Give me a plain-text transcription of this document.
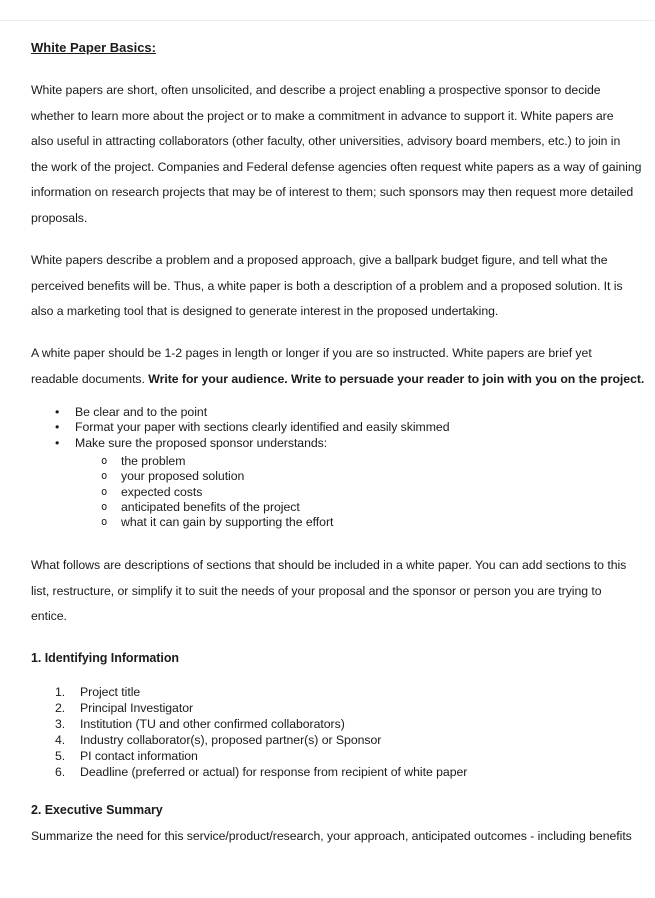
White Paper Basics:
White papers are short, often unsolicited, and describe a project enabling a prospective sponsor to decide
whether to learn more about the project or to make a commitment in advance to support it. White papers are
also useful in attracting collaborators (other faculty, other universities, advisory board members, etc.) to join in
the work of the project. Companies and Federal defense agencies often request white papers as a way of gaining
information on research projects that may be of interest to them; such sponsors may then request more detailed
proposals.
White papers describe a problem and a proposed approach, give a ballpark budget figure, and tell what the
perceived benefits will be. Thus, a white paper is both a description of a problem and a proposed solution. It is
also a marketing tool that is designed to generate interest in the proposed undertaking.
A white paper should be 1-2 pages in length or longer if you are so instructed. White papers are brief yet
readable documents. Write for your audience. Write to persuade your reader to join with you on the project.
• Be clear and to the point
• Format your paper with sections clearly identified and easily skimmed
• Make sure the proposed sponsor understands:
o the problem
o your proposed solution
o expected costs
o anticipated benefits of the project
o what it can gain by supporting the effort
What follows are descriptions of sections that should be included in a white paper. You can add sections to this
list, restructure, or simplify it to suit the needs of your proposal and the sponsor or person you are trying to
entice.
1. Identifying Information
1. Project title
2. Principal Investigator
3. Institution (TU and other confirmed collaborators)
4. Industry collaborator(s), proposed partner(s) or Sponsor
5. PI contact information
6. Deadline (preferred or actual) for response from recipient of white paper
2. Executive Summary
Summarize the need for this service/product/research, your approach, anticipated outcomes - including benefits
